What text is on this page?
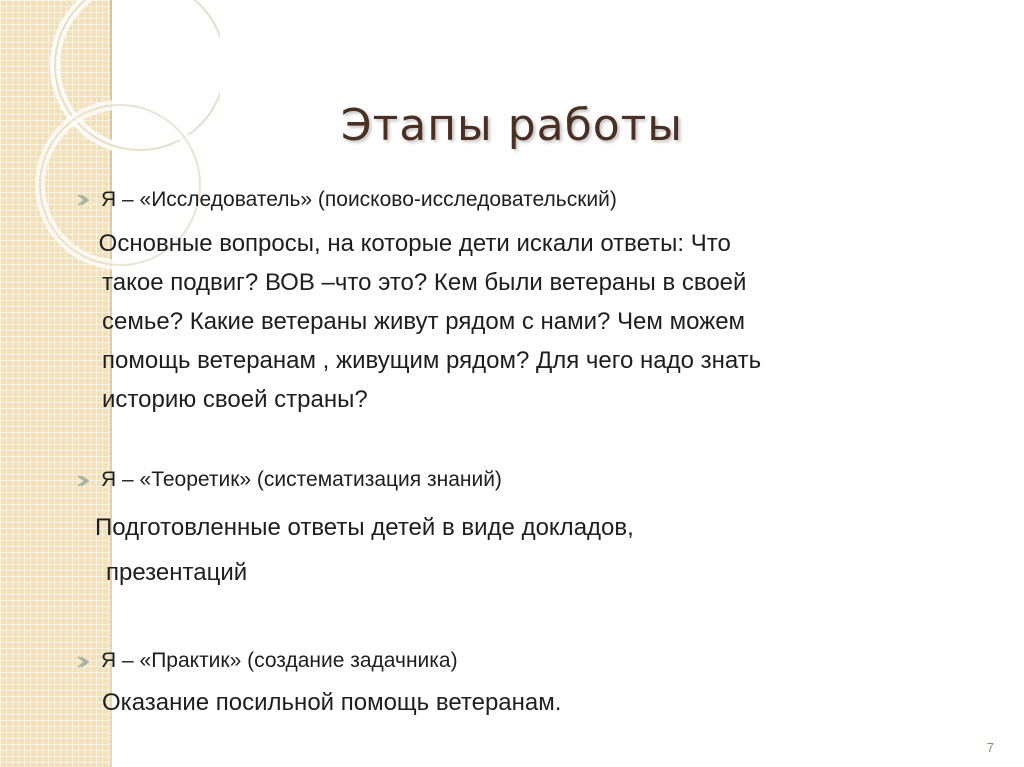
Этапы работы
Я – «Исследователь» (поисково-исследовательский)
Основные вопросы, на которые дети искали ответы: Что
такое подвиг? ВОВ –что это? Кем были ветераны в своей
семье? Какие ветераны живут рядом с нами? Чем можем
помощь ветеранам , живущим рядом? Для чего надо знать
историю своей страны?
Я – «Теоретик» (систематизация знаний)
Подготовленные ответы детей в виде докладов,
презентаций
Я – «Практик» (создание задачника)
Оказание посильной помощь ветеранам.
7
